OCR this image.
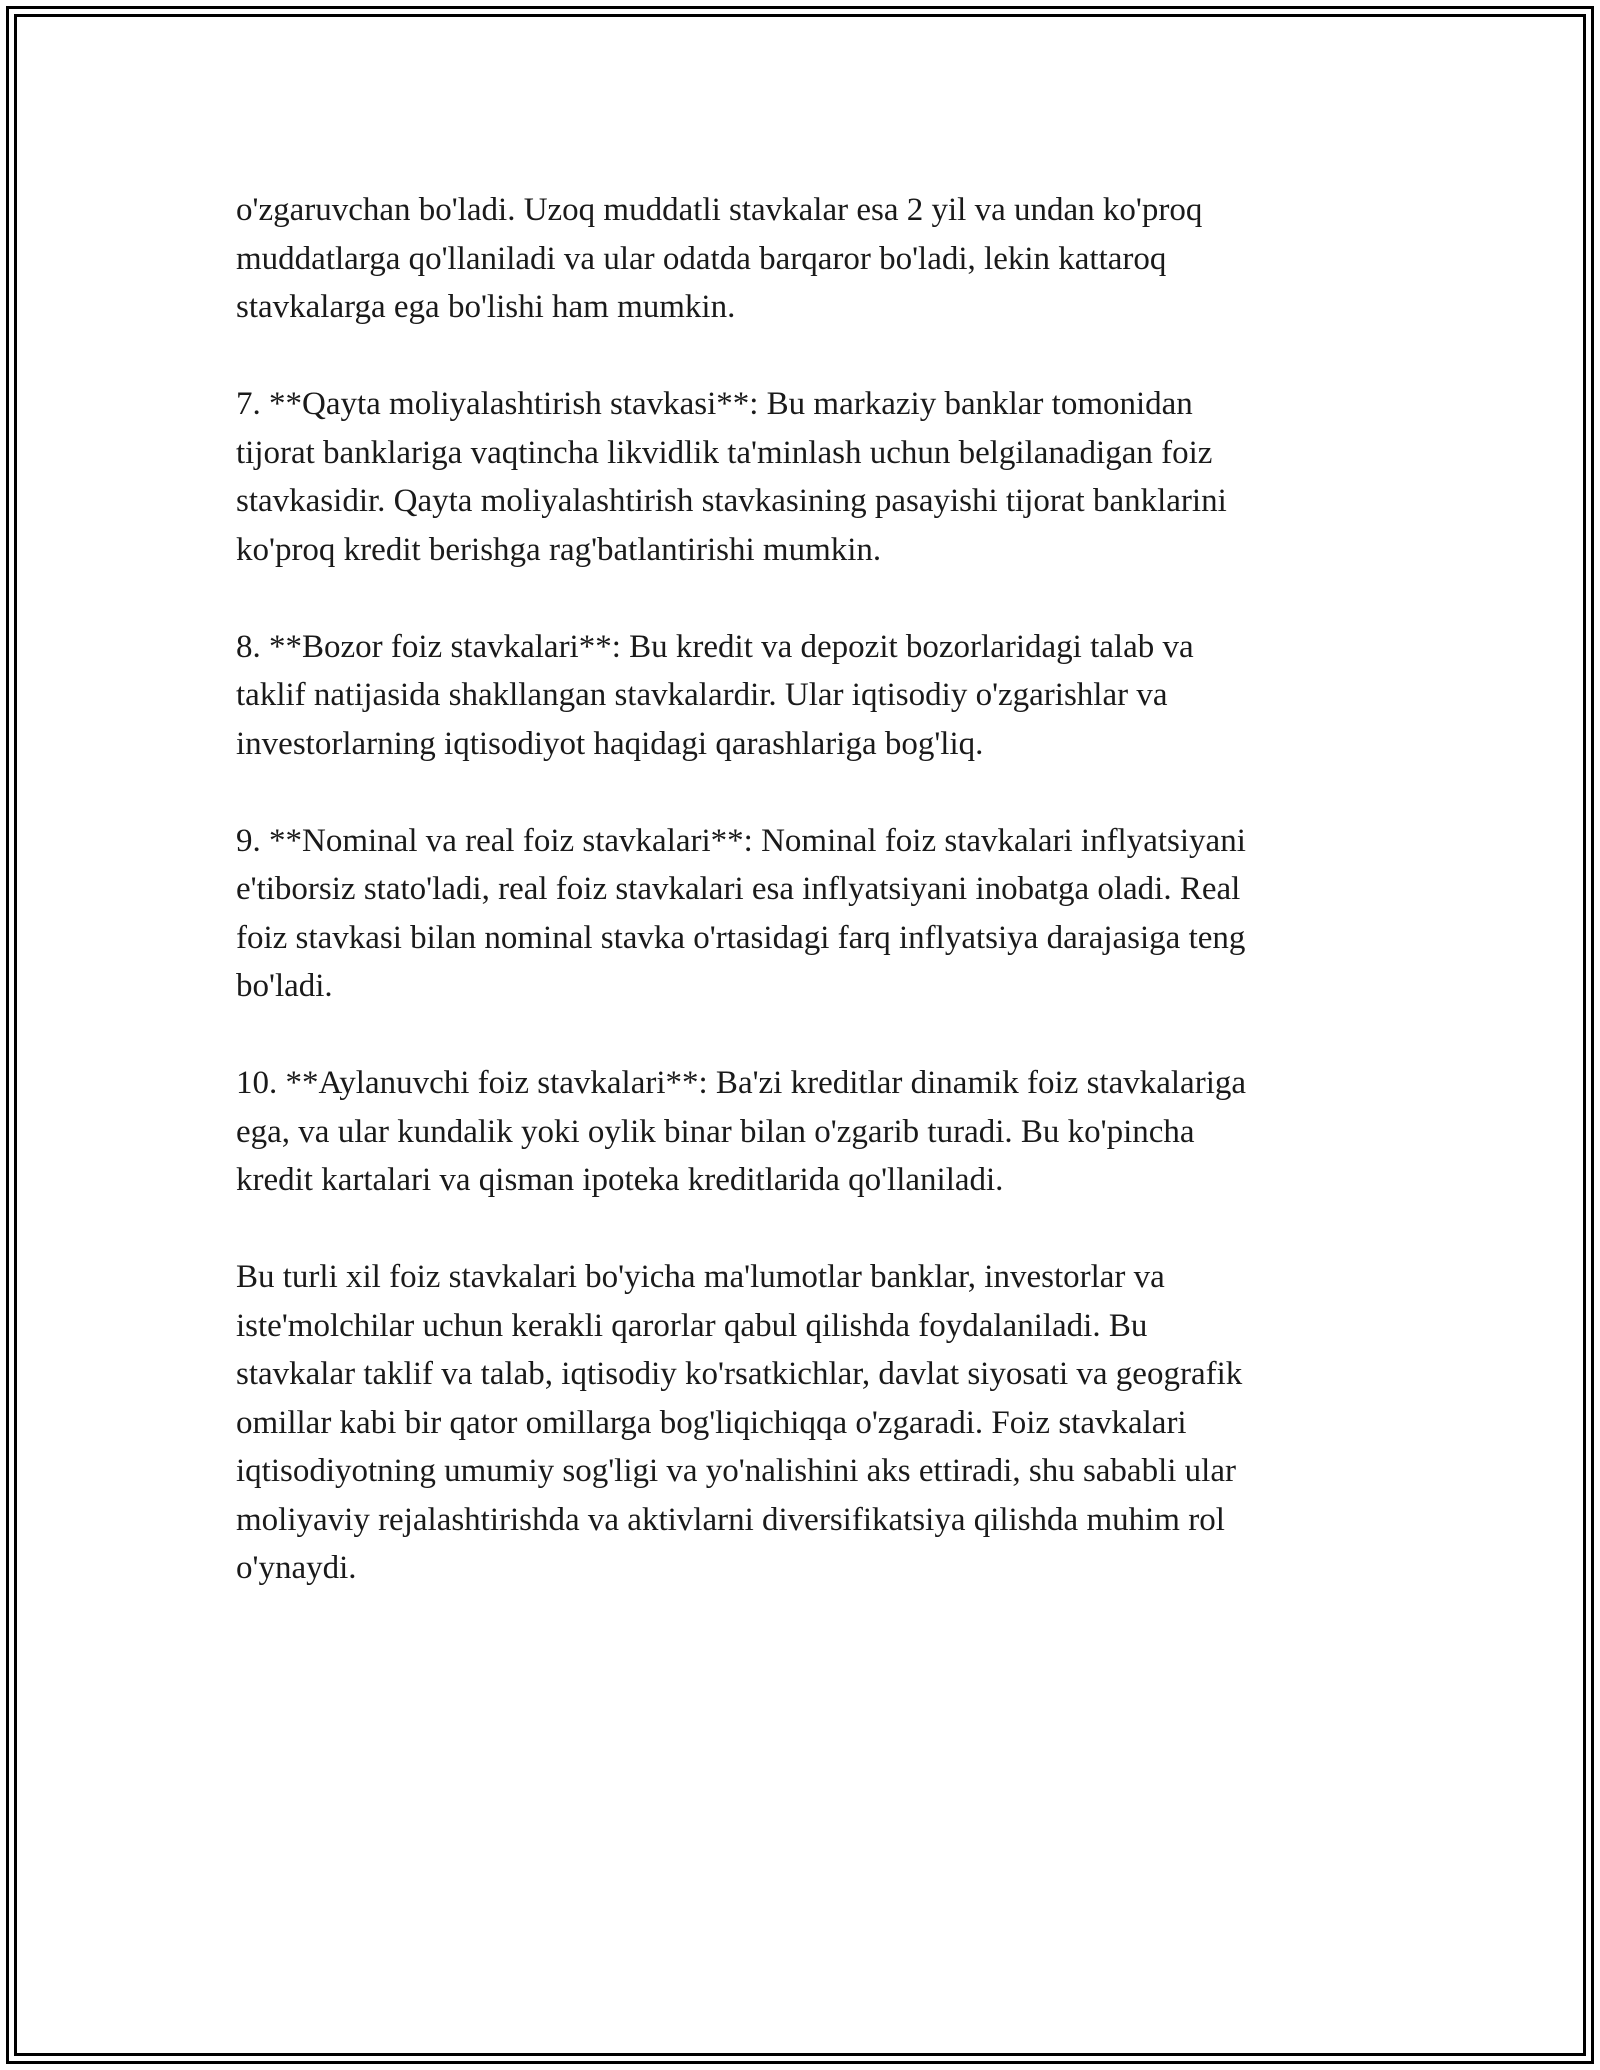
o'zgaruvchan bo'ladi. Uzoq muddatli stavkalar esa 2 yil va undan ko'proq
muddatlarga qo'llaniladi va ular odatda barqaror bo'ladi, lekin kattaroq
stavkalarga ega bo'lishi ham mumkin.

7. **Qayta moliyalashtirish stavkasi**: Bu markaziy banklar tomonidan
tijorat banklariga vaqtincha likvidlik ta'minlash uchun belgilanadigan foiz
stavkasidir. Qayta moliyalashtirish stavkasining pasayishi tijorat banklarini
ko'proq kredit berishga rag'batlantirishi mumkin.

8. **Bozor foiz stavkalari**: Bu kredit va depozit bozorlaridagi talab va
taklif natijasida shakllangan stavkalardir. Ular iqtisodiy o'zgarishlar va
investorlarning iqtisodiyot haqidagi qarashlariga bog'liq.

9. **Nominal va real foiz stavkalari**: Nominal foiz stavkalari inflyatsiyani
e'tiborsiz stato'ladi, real foiz stavkalari esa inflyatsiyani inobatga oladi. Real
foiz stavkasi bilan nominal stavka o'rtasidagi farq inflyatsiya darajasiga teng
bo'ladi.

10. **Aylanuvchi foiz stavkalari**: Ba'zi kreditlar dinamik foiz stavkalariga
ega, va ular kundalik yoki oylik binar bilan o'zgarib turadi. Bu ko'pincha
kredit kartalari va qisman ipoteka kreditlarida qo'llaniladi.

Bu turli xil foiz stavkalari bo'yicha ma'lumotlar banklar, investorlar va
iste'molchilar uchun kerakli qarorlar qabul qilishda foydalaniladi. Bu
stavkalar taklif va talab, iqtisodiy ko'rsatkichlar, davlat siyosati va geografik
omillar kabi bir qator omillarga bog'liqichiqqa o'zgaradi. Foiz stavkalari
iqtisodiyotning umumiy sog'ligi va yo'nalishini aks ettiradi, shu sababli ular
moliyaviy rejalashtirishda va aktivlarni diversifikatsiya qilishda muhim rol
o'ynaydi.
